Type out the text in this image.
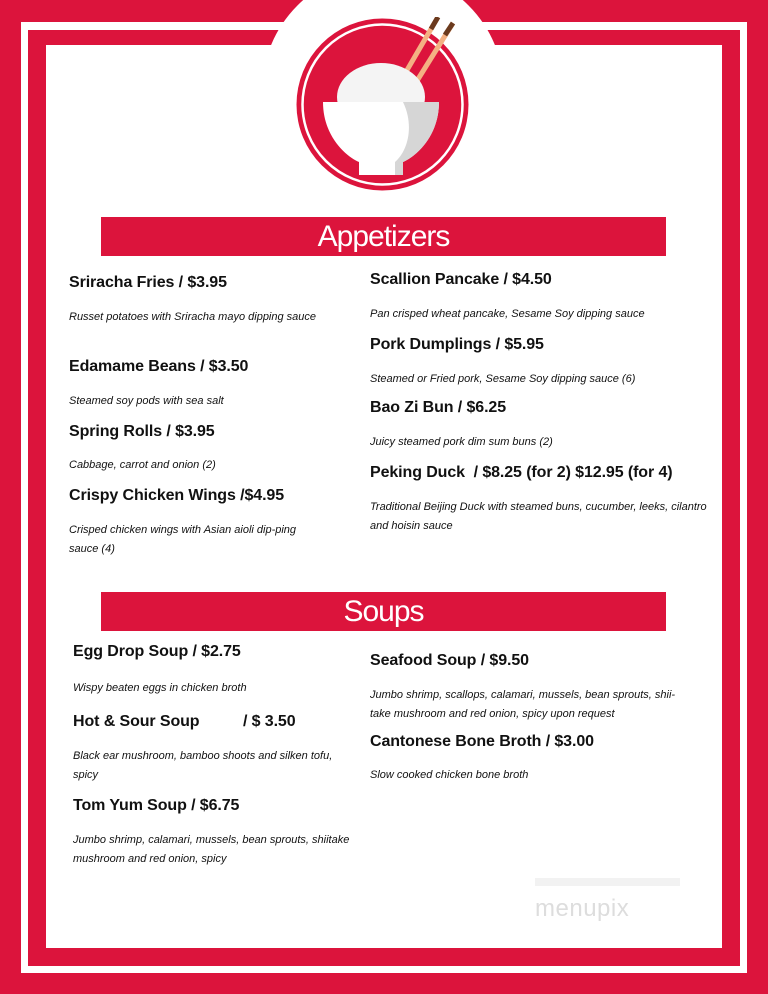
Appetizers
Soups
Sriracha Fries / $3.95
Russet potatoes with Sriracha mayo dipping sauce
Edamame Beans / $3.50
Steamed soy pods with sea salt
Spring Rolls / $3.95
Cabbage, carrot and onion (2)
Crispy Chicken Wings /$4.95
Crisped chicken wings with Asian aioli dip-ping sauce (4)
Scallion Pancake / $4.50
Pan crisped wheat pancake, Sesame Soy dipping sauce
Pork Dumplings / $5.95
Steamed or Fried pork, Sesame Soy dipping sauce (6)
Bao Zi Bun / $6.25
Juicy steamed pork dim sum buns (2)
Peking Duck  / $8.25 (for 2) $12.95 (for 4)
Traditional Beijing Duck with steamed buns, cucumber, leeks, cilantro and hoisin sauce
Egg Drop Soup / $2.75
Wispy beaten eggs in chicken broth
Hot & Sour Soup          / $ 3.50
Black ear mushroom, bamboo shoots and silken tofu, spicy
Tom Yum Soup / $6.75
Jumbo shrimp, calamari, mussels, bean sprouts, shiitake mushroom and red onion, spicy
Seafood Soup / $9.50
Jumbo shrimp, scallops, calamari, mussels, bean sprouts, shii-take mushroom and red onion, spicy upon request
Cantonese Bone Broth / $3.00
Slow cooked chicken bone broth
menupix
